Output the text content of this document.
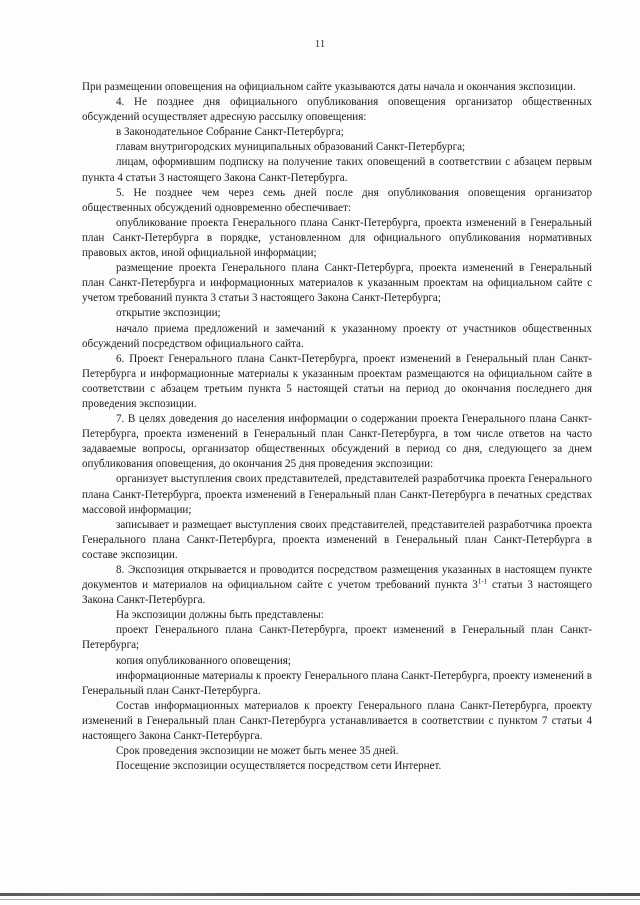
11

При размещении оповещения на официальном сайте указываются даты начала и окончания экспозиции.

4. Не позднее дня официального опубликования оповещения организатор общественных обсуждений осуществляет адресную рассылку оповещения:

в Законодательное Собрание Санкт-Петербурга;

главам внутригородских муниципальных образований Санкт-Петербурга;

лицам, оформившим подписку на получение таких оповещений в соответствии с абзацем первым пункта 4 статьи 3 настоящего Закона Санкт-Петербурга.

5. Не позднее чем через семь дней после дня опубликования оповещения организатор общественных обсуждений одновременно обеспечивает:

опубликование проекта Генерального плана Санкт-Петербурга, проекта изменений в Генеральный план Санкт-Петербурга в порядке, установленном для официального опубликования нормативных правовых актов, иной официальной информации;

размещение проекта Генерального плана Санкт-Петербурга, проекта изменений в Генеральный план Санкт-Петербурга и информационных материалов к указанным проектам на официальном сайте с учетом требований пункта 3 статьи 3 настоящего Закона Санкт-Петербурга;

открытие экспозиции;

начало приема предложений и замечаний к указанному проекту от участников общественных обсуждений посредством официального сайта.

6. Проект Генерального плана Санкт-Петербурга, проект изменений в Генеральный план Санкт-Петербурга и информационные материалы к указанным проектам размещаются на официальном сайте в соответствии с абзацем третьим пункта 5 настоящей статьи на период до окончания последнего дня проведения экспозиции.

7. В целях доведения до населения информации о содержании проекта Генерального плана Санкт-Петербурга, проекта изменений в Генеральный план Санкт-Петербурга, в том числе ответов на часто задаваемые вопросы, организатор общественных обсуждений в период со дня, следующего за днем опубликования оповещения, до окончания 25 дня проведения экспозиции:

организует выступления своих представителей, представителей разработчика проекта Генерального плана Санкт-Петербурга, проекта изменений в Генеральный план Санкт-Петербурга в печатных средствах массовой информации;

записывает и размещает выступления своих представителей, представителей разработчика проекта Генерального плана Санкт-Петербурга, проекта изменений в Генеральный план Санкт-Петербурга в составе экспозиции.

8. Экспозиция открывается и проводится посредством размещения указанных в настоящем пункте документов и материалов на официальном сайте с учетом требований пункта 3$^{1-1}$ статьи 3 настоящего Закона Санкт-Петербурга.

На экспозиции должны быть представлены:

проект Генерального плана Санкт-Петербурга, проект изменений в Генеральный план Санкт-Петербурга;

копия опубликованного оповещения;

информационные материалы к проекту Генерального плана Санкт-Петербурга, проекту изменений в Генеральный план Санкт-Петербурга.

Состав информационных материалов к проекту Генерального плана Санкт-Петербурга, проекту изменений в Генеральный план Санкт-Петербурга устанавливается в соответствии с пунктом 7 статьи 4 настоящего Закона Санкт-Петербурга.

Срок проведения экспозиции не может быть менее 35 дней.

Посещение экспозиции осуществляется посредством сети Интернет.
